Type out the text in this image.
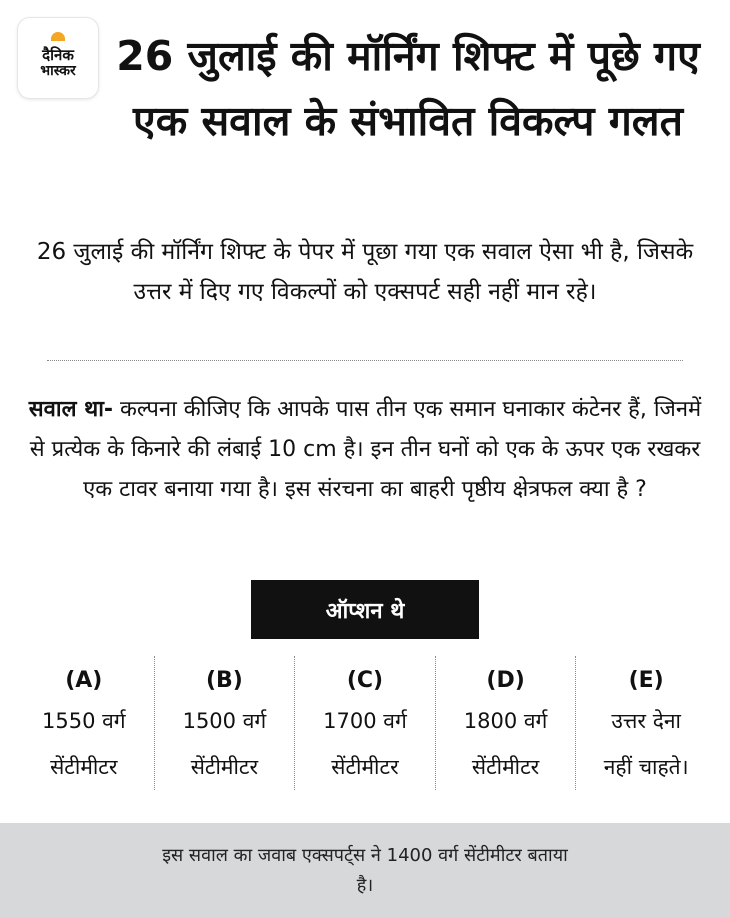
दैनिक
भास्कर 26 जुलाई की मॉर्निंग शिफ्ट में पूछे गए एक सवाल के संभावित विकल्प गलत

26 जुलाई की मॉर्निंग शिफ्ट के पेपर में पूछा गया एक सवाल ऐसा भी है, जिसके उत्तर में दिए गए विकल्पों को एक्सपर्ट सही नहीं मान रहे।

सवाल था- कल्पना कीजिए कि आपके पास तीन एक समान घनाकार कंटेनर हैं, जिनमें से प्रत्येक के किनारे की लंबाई 10 cm है। इन तीन घनों को एक के ऊपर एक रखकर एक टावर बनाया गया है। इस संरचना का बाहरी पृष्ठीय क्षेत्रफल क्या है ?

ऑप्शन थे
(A)
1550 वर्ग
सेंटीमीटर
(B)
1500 वर्ग
सेंटीमीटर
(C)
1700 वर्ग
सेंटीमीटर
(D)
1800 वर्ग
सेंटीमीटर
(E)
उत्तर देना
नहीं चाहते।

इस सवाल का जवाब एक्सपर्ट्स ने 1400 वर्ग सेंटीमीटर बताया है।
